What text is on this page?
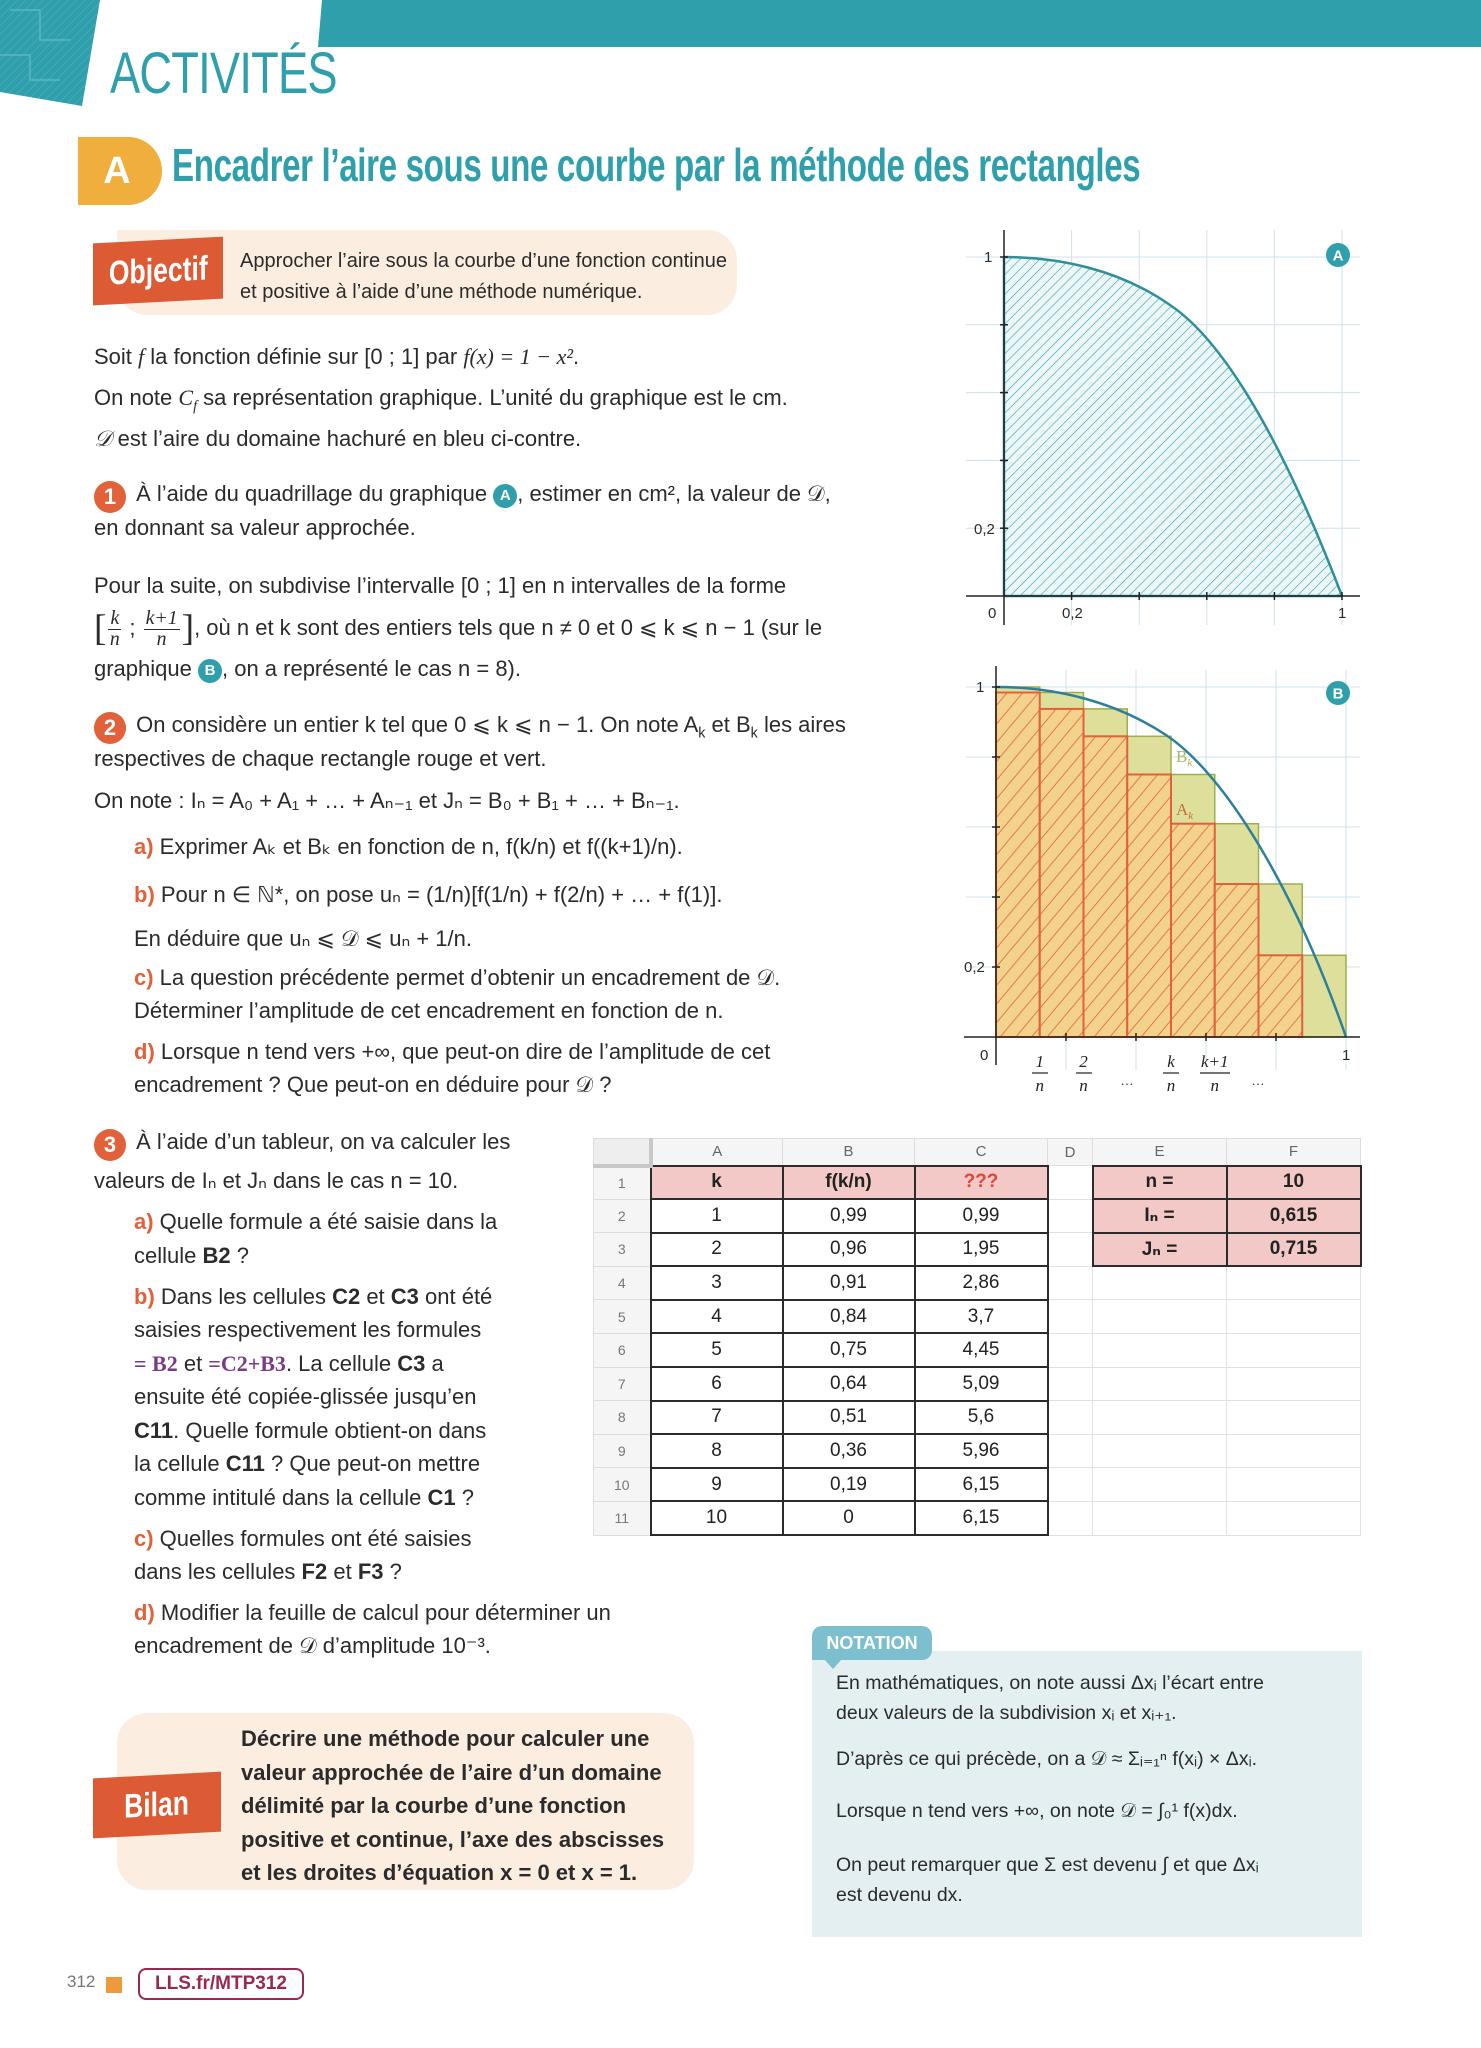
ACTIVITÉS
A Encadrer l’aire sous une courbe par la méthode des rectangles
Objectif Approcher l’aire sous la courbe d’une fonction continue et positive à l’aide d’une méthode numérique.
Soit f la fonction définie sur [0 ; 1] par f(x) = 1 − x².
On note $C_f$ sa représentation graphique. L’unité du graphique est le cm.
𝒟 est l’aire du domaine hachuré en bleu ci-contre.
1 À l’aide du quadrillage du graphique A , estimer en cm², la valeur de 𝒟,
en donnant sa valeur approchée.
Pour la suite, on subdivise l’intervalle [0 ; 1] en n intervalles de la forme
[ $\frac{k}{n}$ ; $\frac{k+1}{n}$ ], où n et k sont des entiers tels que n ≠ 0 et 0 ⩽ k ⩽ n − 1 (sur le
graphique B , on a représenté le cas n = 8).
2 On considère un entier k tel que 0 ⩽ k ⩽ n − 1. On note $A_k$ et $B_k$ les aires
respectives de chaque rectangle rouge et vert.
On note : Iₙ = A₀ + A₁ + … + Aₙ₋₁ et Jₙ = B₀ + B₁ + … + Bₙ₋₁.
a) Exprimer Aₖ et Bₖ en fonction de n, f(k/n) et f((k+1)/n).
b) Pour n ∈ ℕ*, on pose uₙ = (1/n)[f(1/n) + f(2/n) + … + f(1)].
En déduire que uₙ ⩽ 𝒟 ⩽ uₙ + 1/n.
c) La question précédente permet d’obtenir un encadrement de 𝒟.
Déterminer l’amplitude de cet encadrement en fonction de n.
d) Lorsque n tend vers +∞, que peut-on dire de l’amplitude de cet
encadrement ? Que peut-on en déduire pour 𝒟 ?
3 À l’aide d’un tableur, on va calculer les
valeurs de Iₙ et Jₙ dans le cas n = 10.
a) Quelle formule a été saisie dans la
cellule B2 ?
b) Dans les cellules C2 et C3 ont été
saisies respectivement les formules
= B2 et =C2+B3. La cellule C3 a
ensuite été copiée-glissée jusqu’en
C11. Quelle formule obtient-on dans
la cellule C11 ? Que peut-on mettre
comme intitulé dans la cellule C1 ?
c) Quelles formules ont été saisies
dans les cellules F2 et F3 ?
d) Modifier la feuille de calcul pour déterminer un
encadrement de 𝒟 d’amplitude 10⁻³.
1
0,2
0	0,2	1
A
$B_k$
$A_k$
1
0,2
0	1
1
n
2
n	…
k
n
k+1
n	…
B
	A	B	C	D	E	F
1	k	f(k/n)	???		n =	10
2	1	0,99	0,99		Iₙ =	0,615
3	2	0,96	1,95		Jₙ =	0,715
4	3	0,91	2,86			
5	4	0,84	3,7			
6	5	0,75	4,45			
7	6	0,64	5,09			
8	7	0,51	5,6			
9	8	0,36	5,96			
10	9	0,19	6,15			
11	10	0	6,15			
Bilan
Décrire une méthode pour calculer une
valeur approchée de l’aire d’un domaine
délimité par la courbe d’une fonction
positive et continue, l’axe des abscisses
et les droites d’équation x = 0 et x = 1.
NOTATION
En mathématiques, on note aussi Δxᵢ l’écart entre
deux valeurs de la subdivision xᵢ et xᵢ₊₁.
D’après ce qui précède, on a 𝒟 ≈ Σᵢ₌₁ⁿ f(xᵢ) × Δxᵢ.
Lorsque n tend vers +∞, on note 𝒟 = ∫₀¹ f(x)dx.
On peut remarquer que Σ est devenu ∫ et que Δxᵢ
est devenu dx.
312	LLS.fr/MTP312
